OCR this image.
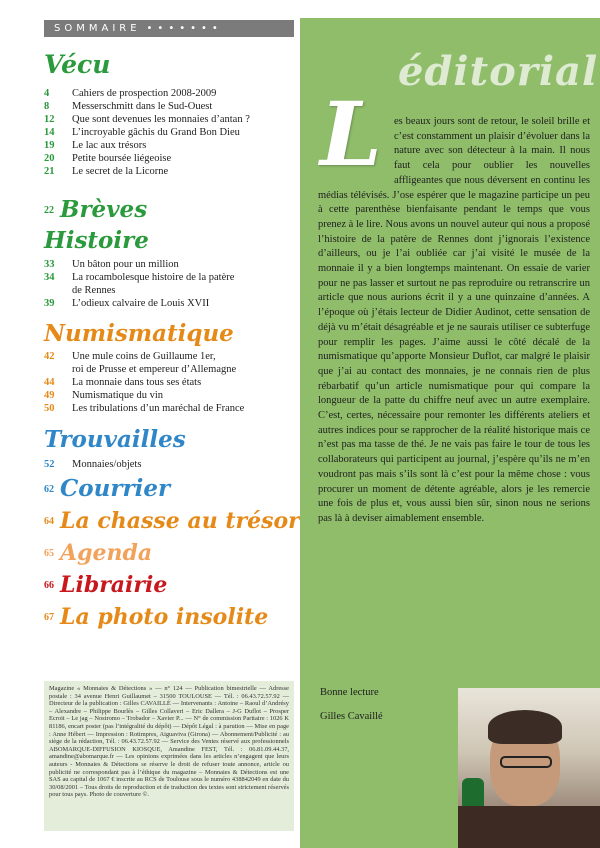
SOMMAIRE •••••••
Vécu
4	Cahiers de prospection 2008-2009
8	Messerschmitt dans le Sud-Ouest
12	Que sont devenues les monnaies d’antan ?
14	L’incroyable gâchis du Grand Bon Dieu
19	Le lac aux trésors
20	Petite boursée liégeoise
21	Le secret de la Licorne
22 Brèves
Histoire
33	Un bâton pour un million
34	La rocambolesque histoire de la patère
de Rennes
39	L’odieux calvaire de Louis XVII
Numismatique
42	Une mule coins de Guillaume 1er,
roi de Prusse et empereur d’Allemagne
44	La monnaie dans tous ses états
49	Numismatique du vin
50	Les tribulations d’un maréchal de France
Trouvailles
52	Monnaies/objets
62 Courrier
64 La chasse au trésor
65 Agenda
66 Librairie
67 La photo insolite
Magazine « Monnaies & Détections » — n° 124 — Publication bimestrielle — Adresse postale : 34 avenue Henri Guillaumet – 31500 TOULOUSE — Tél. : 06.43.72.57.92 — Directeur de la publication : Gilles CAVAILLÉ — Intervenants : Antoine – Raoul d’Andrésy – Alexandre – Philippe Bourlès – Gilles Collaveri – Eric Dallera – J-G Duflot – Prosper Ecroit – Le jag – Nostromo – Trobador – Xavier P... — N° de commission Paritaire : 1026 K 81186, encart poster (pas l’intégralité du dépôt) — Dépôt Légal : à parution — Mise en page : Anne Hébert — Impression : Rotimpres, Aiguaviva (Girona) — Abonnement/Publicité : au siège de la rédaction, Tél. : 06.43.72.57.92 — Service des Ventes réservé aux professionnels ABOMARQUE-DIFFUSION KIOSQUE, Amandine FEST, Tél. : 06.81.09.44.37, amandine@abomarque.fr — Les opinions exprimées dans les articles n’engagent que leurs auteurs - Monnaies & Détections se réserve le droit de refuser toute annonce, article ou publicité ne correspondant pas à l’éthique du magazine – Monnaies & Détections est une SAS au capital de 1067 € inscrite au RCS de Toulouse sous le numéro 438842049 en date du 30/08/2001 – Tous droits de reproduction et de traduction des textes sont strictement réservés pour tous pays. Photo de couverture ©.
éditorial
L	es beaux jours sont de retour, le soleil brille et c’est constamment un plaisir d’évoluer dans la nature avec son détecteur à la main. Il nous faut cela pour oublier les nouvelles affligeantes que nous déversent en continu les médias télévisés. J’ose espérer que le magazine participe un peu à cette parenthèse bienfaisante pendant le temps que vous prenez à le lire. Nous avons un nouvel auteur qui nous a proposé l’histoire de la patère de Rennes dont j’ignorais l’existence d’ailleurs, ou je l’ai oubliée car j’ai visité le musée de la monnaie il y a bien longtemps maintenant. On essaie de varier pour ne pas lasser et surtout ne pas reproduire ou retranscrire un article que nous aurions écrit il y a une quinzaine d’années. A l’époque où j’étais lecteur de Didier Audinot, cette sensation de déjà vu m’était désagréable et je ne saurais utiliser ce subterfuge pour remplir les pages. J’aime aussi le côté décalé de la numismatique qu’apporte Monsieur Duflot, car malgré le plaisir que j’ai au contact des monnaies, je ne connais rien de plus rébarbatif qu’un article numismatique pour qui compare la longueur de la patte du chiffre neuf avec un autre exemplaire. C’est, certes, nécessaire pour remonter les différents ateliers et autres indices pour se rapprocher de la réalité historique mais ce n’est pas ma tasse de thé. Je ne vais pas faire le tour de tous les collaborateurs qui participent au journal, j’espère qu’ils ne m’en voudront pas mais s’ils sont là c’est pour la même chose : vous procurer un moment de détente agréable, alors je les remercie une fois de plus et, vous aussi bien sûr, sinon nous ne serions pas là à deviser aimablement ensemble.
Bonne lecture
Gilles Cavaillé
